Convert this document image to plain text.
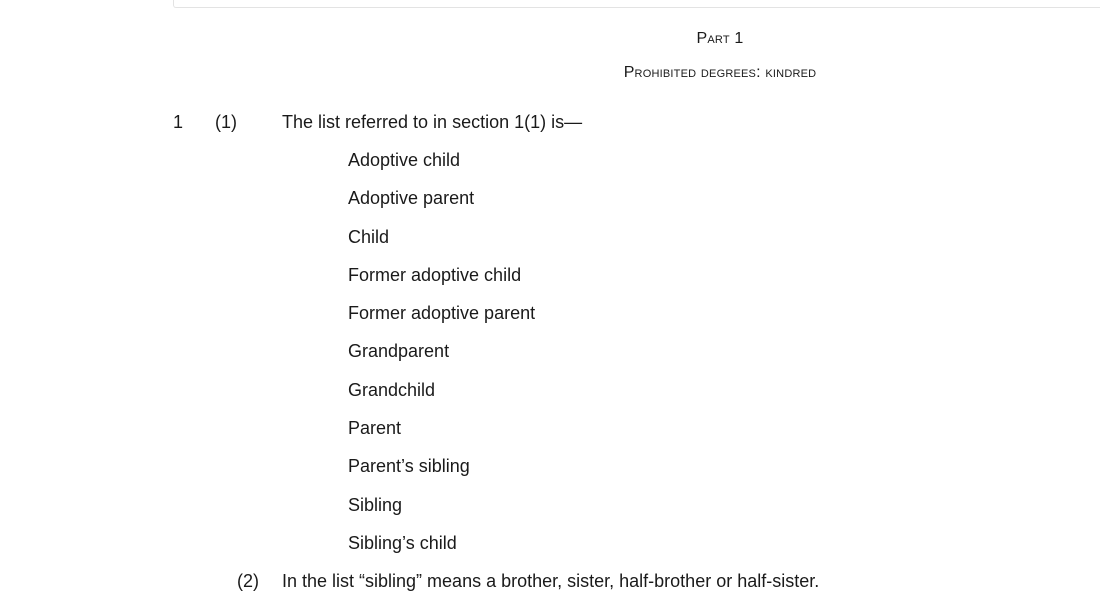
Part 1
Prohibited degrees: kindred
1 (1)	The list referred to in section 1(1) is—
Adoptive child
Adoptive parent
Child
Former adoptive child
Former adoptive parent
Grandparent
Grandchild
Parent
Parent’s sibling
Sibling
Sibling’s child
(2) In the list “sibling” means a brother, sister, half-brother or half-sister.
